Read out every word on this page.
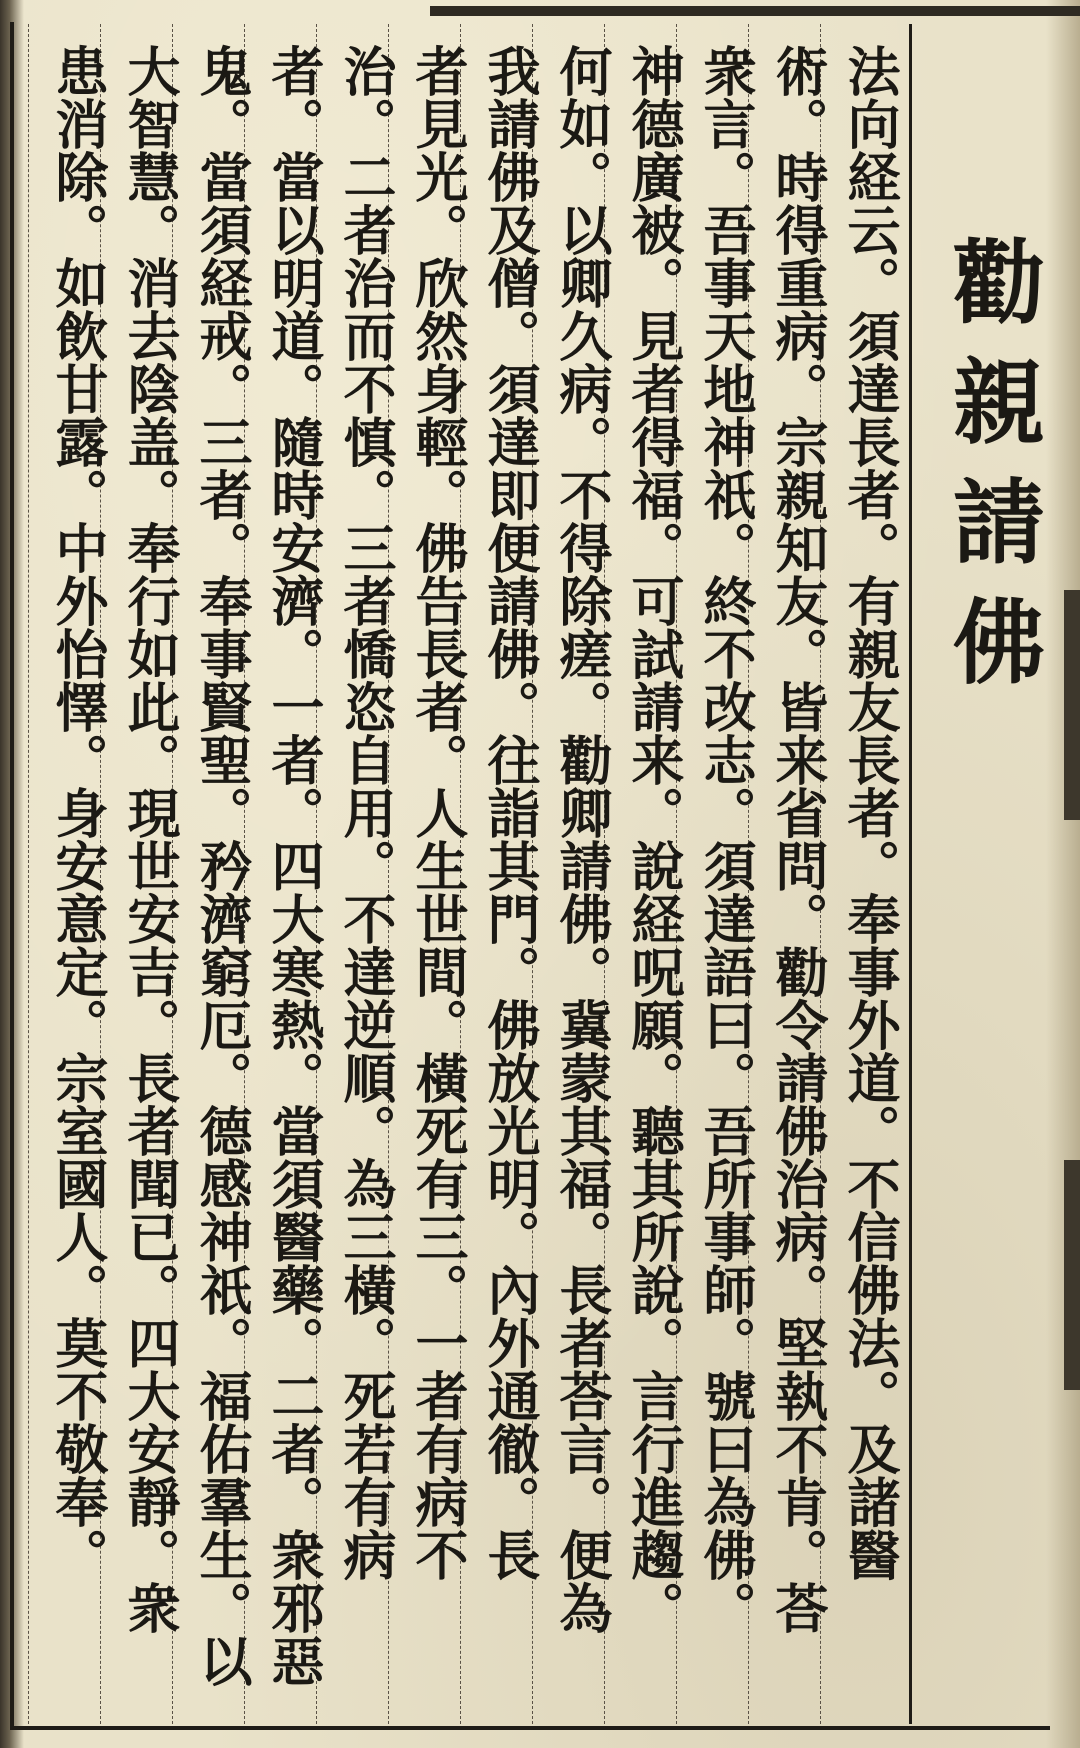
法向経云。須達長者。有親友長者。奉事外道。不信佛法。及諸醫
術。時得重病。宗親知友。皆来省問。勸令請佛治病。堅執不肯。荅
衆言。吾事天地神祇。終不改志。須達語曰。吾所事師。號曰為佛。
神德廣被。見者得福。可試請来。說経呪願。聽其所說。言行進趨。
何如。以卿久病。不得除瘥。勸卿請佛。冀蒙其福。長者荅言。便為
我請佛及僧。須達即便請佛。往詣其門。佛放光明。內外通徹。長
者見光。欣然身輕。佛告長者。人生世間。橫死有三。一者有病不
治。二者治而不慎。三者憍恣自用。不達逆順。為三橫。死若有病
者。當以明道。隨時安濟。一者。四大寒熱。當須醫藥。二者。衆邪惡
鬼。當須経戒。三者。奉事賢聖。矜濟窮厄。德感神祇。福佑羣生。以
大智慧。消去陰盖。奉行如此。現世安吉。長者聞已。四大安靜。衆
患消除。如飲甘露。中外怡懌。身安意定。宗室國人。莫不敬奉。	勸親請佛
